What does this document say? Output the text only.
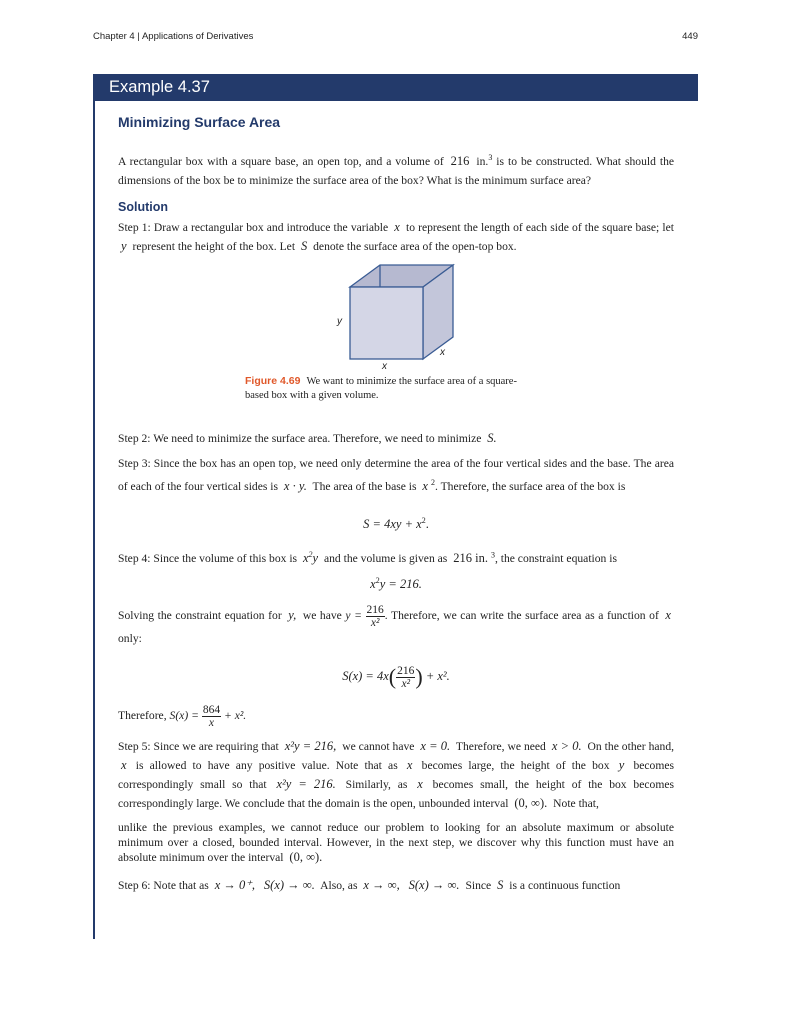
Chapter 4 | Applications of Derivatives	449
Example 4.37
Minimizing Surface Area
A rectangular box with a square base, an open top, and a volume of 216 in.$^3$ is to be constructed. What should the dimensions of the box be to minimize the surface area of the box? What is the minimum surface area?
Solution
Step 1: Draw a rectangular box and introduce the variable x to represent the length of each side of the square base; let y represent the height of the box. Let S denote the surface area of the open-top box.
y
x
x
Figure 4.69 We want to minimize the surface area of a square-based box with a given volume.
Step 2: We need to minimize the surface area. Therefore, we need to minimize S.
Step 3: Since the box has an open top, we need only determine the area of the four vertical sides and the base. The area of each of the four vertical sides is x · y. The area of the base is x $^2$. Therefore, the surface area of the box is
$S = 4xy + x^2$.
Step 4: Since the volume of this box is $x^2y$ and the volume is given as 216 in. $^3$, the constraint equation is
$x^2y = 216$.
Solving the constraint equation for y, we have $y = \frac{216}{\text{x²}}$ . Therefore, we can write the surface area as a function of x only:
$S(x) = 4x( \frac{216}{\text{x²}}$ ) + x².
Therefore, $S(x) = \frac{864}{x} + x^2$.
Step 5: Since we are requiring that x²y = 216, we cannot have x = 0. Therefore, we need x > 0. On the other hand, x is allowed to have any positive value. Note that as x becomes large, the height of the box y becomes correspondingly small so that x²y = 216. Similarly, as x becomes small, the height of the box becomes correspondingly large. We conclude that the domain is the open, unbounded interval (0, ∞). Note that,
unlike the previous examples, we cannot reduce our problem to looking for an absolute maximum or absolute minimum over a closed, bounded interval. However, in the next step, we discover why this function must have an absolute minimum over the interval (0, ∞).
Step 6: Note that as x → 0⁺, S(x) → ∞. Also, as x → ∞, S(x) → ∞. Since S is a continuous function
